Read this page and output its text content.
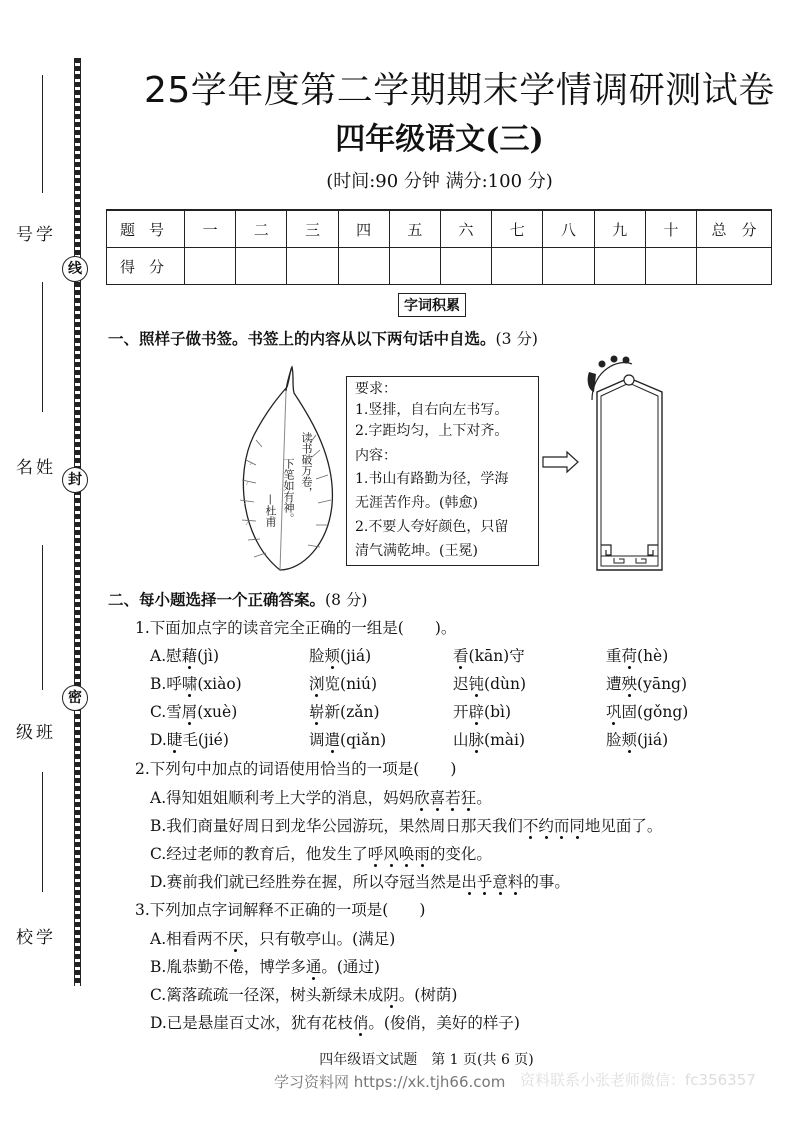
学号
姓名
班级
学校
线
封
密
25学年度第二学期期末学情调研测试卷
四年级语文(三)
(时间:90 分钟 满分:100 分)
题号	一	二	三	四	五	六	七	八	九	十	总　分
得分											
字词积累
一、照样子做书签。书签上的内容从以下两句话中自选。(3 分)
读书破万卷，
下笔如有神。
—杜甫
要求：
1.竖排，自右向左书写。
2.字距均匀，上下对齐。
内容：
1.书山有路勤为径，学海
无涯苦作舟。(韩愈)
2.不要人夸好颜色，只留
清气满乾坤。(王冕)
二、每小题选择一个正确答案。(8 分)
1.下面加点字的读音完全正确的一组是(　　)。
A.慰藉(jì)	脸颊(jiá)	看(kān)守	重荷(hè)
B.呼啸(xiào)	浏览(niú)	迟钝(dùn)	遭殃(yāng)
C.雪屑(xuè)	崭新(zǎn)	开辟(bì)	巩固(gǒng)
D.睫毛(jié)	调遣(qiǎn)	山脉(mài)	脸颊(jiá)
2.下列句中加点的词语使用恰当的一项是(　　)
A.得知姐姐顺利考上大学的消息，妈妈欣喜若狂。
B.我们商量好周日到龙华公园游玩，果然周日那天我们不约而同地见面了。
C.经过老师的教育后，他发生了呼风唤雨的变化。
D.赛前我们就已经胜券在握，所以夺冠当然是出乎意料的事。
3.下列加点字词解释不正确的一项是(　　)
A.相看两不厌，只有敬亭山。(满足)
B.胤恭勤不倦，博学多通。(通过)
C.篱落疏疏一径深，树头新绿未成阴。(树荫)
D.已是悬崖百丈冰，犹有花枝俏。(俊俏，美好的样子)
四年级语文试题　第 1 页(共 6 页)
学习资料网 https://xk.tjh66.com 资料联系小张老师微信：fc356357
